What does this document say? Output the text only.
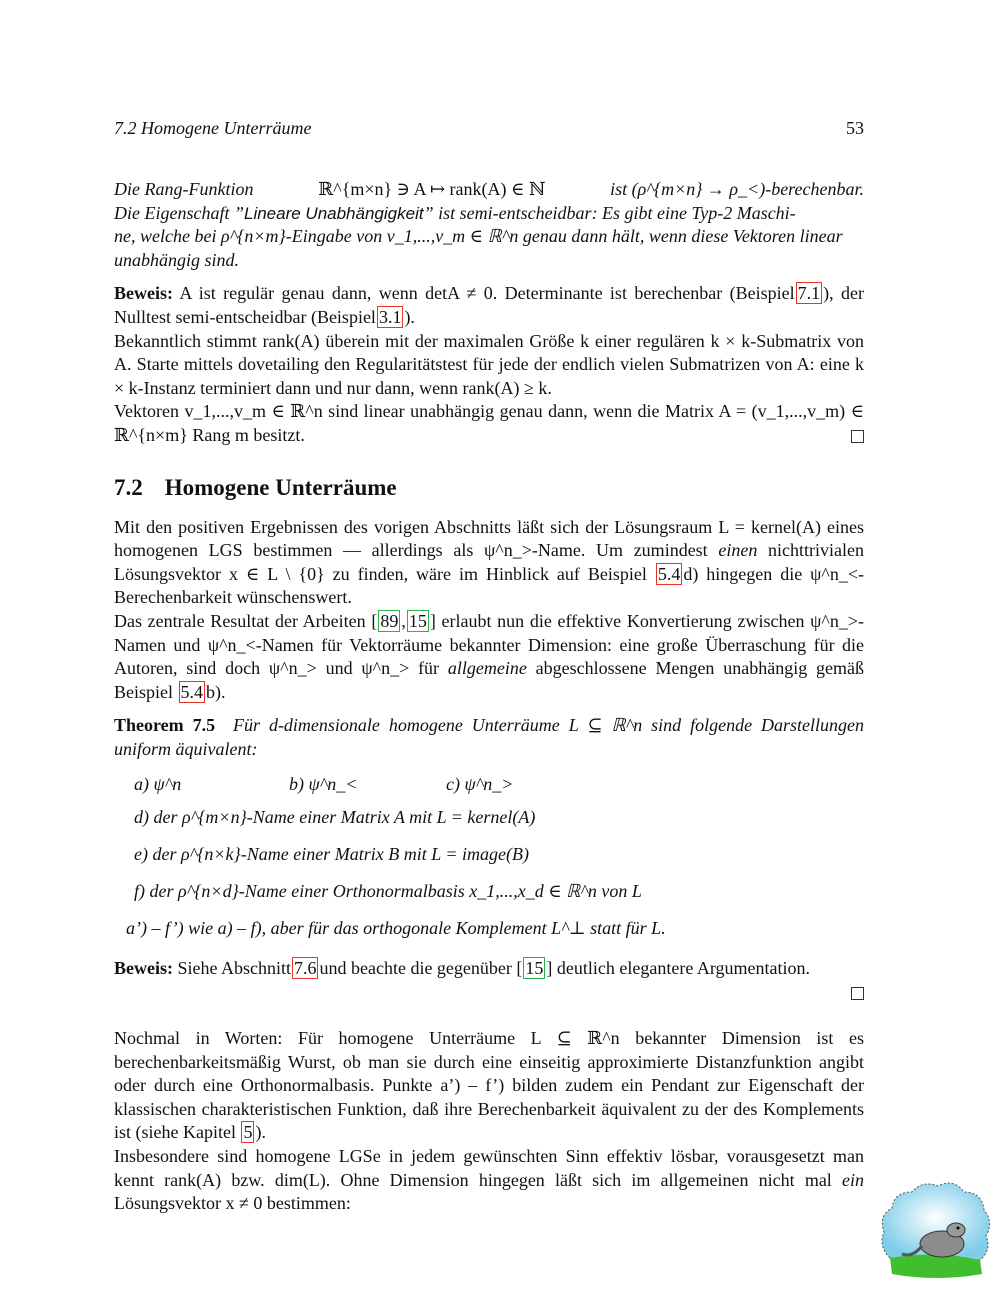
7.2 Homogene Unterräume	53
Die Rang-Funktion	ℝ^{m×n} ∋ A ↦ rank(A) ∈ ℕ	ist (ρ^{m×n} → ρ_<)-berechenbar.

Die Eigenschaft ”Lineare Unabhängigkeit” ist semi-entscheidbar: Es gibt eine Typ-2 Maschi-

ne, welche bei ρ^{n×m}-Eingabe von v_1,...,v_m ∈ ℝ^n genau dann hält, wenn diese Vektoren linear

unabhängig sind.

Beweis: A ist regulär genau dann, wenn detA ≠ 0. Determinante ist berechenbar (Beispiel 7.1 ), der Nulltest semi-entscheidbar (Beispiel 3.1 ).

Bekanntlich stimmt rank(A) überein mit der maximalen Größe k einer regulären k × k-Submatrix von A. Starte mittels dovetailing den Regularitätstest für jede der endlich vielen Submatrizen von A: eine k × k-Instanz terminiert dann und nur dann, wenn rank(A) ≥ k.

Vektoren v_1,...,v_m ∈ ℝ^n sind linear unabhängig genau dann, wenn die Matrix A = (v_1,...,v_m) ∈ ℝ^{n×m} Rang m besitzt.

7.2 Homogene Unterräume

Mit den positiven Ergebnissen des vorigen Abschnitts läßt sich der Lösungsraum L = kernel(A) eines homogenen LGS bestimmen — allerdings als ψ^n_>-Name. Um zumindest einen nichttrivialen Lösungsvektor x ∈ L \ {0} zu finden, wäre im Hinblick auf Beispiel 5.4 d) hingegen die ψ^n_<-Berechenbarkeit wünschenswert.

Das zentrale Resultat der Arbeiten [ 89 , 15 ] erlaubt nun die effektive Konvertierung zwischen ψ^n_>-Namen und ψ^n_<-Namen für Vektorräume bekannter Dimension: eine große Überraschung für die Autoren, sind doch ψ^n_> und ψ^n_> für allgemeine abgeschlossene Mengen unabhängig gemäß Beispiel 5.4 b).

Theorem 7.5 Für d-dimensionale homogene Unterräume L ⊆ ℝ^n sind folgende Darstellungen uniform äquivalent:

a) ψ^n	b) ψ^n_<	c) ψ^n_>
d) der ρ^{m×n}-Name einer Matrix A mit L = kernel(A)
e) der ρ^{n×k}-Name einer Matrix B mit L = image(B)
f) der ρ^{n×d}-Name einer Orthonormalbasis x_1,...,x_d ∈ ℝ^n von L
a’) – f’) wie a) – f), aber für das orthogonale Komplement L^⊥ statt für L.

Beweis: Siehe Abschnitt 7.6 und beachte die gegenüber [ 15 ] deutlich elegantere Argumentation.

Nochmal in Worten: Für homogene Unterräume L ⊆ ℝ^n bekannter Dimension ist es berechenbarkeitsmäßig Wurst, ob man sie durch eine einseitig approximierte Distanzfunktion angibt oder durch eine Orthonormalbasis. Punkte a’) – f’) bilden zudem ein Pendant zur Eigenschaft der klassischen charakteristischen Funktion, daß ihre Berechenbarkeit äquivalent zu der des Komplements ist (siehe Kapitel 5 ).

Insbesondere sind homogene LGSe in jedem gewünschten Sinn effektiv lösbar, vorausgesetzt man kennt rank(A) bzw. dim(L). Ohne Dimension hingegen läßt sich im allgemeinen nicht mal ein Lösungsvektor x ≠ 0 bestimmen:
